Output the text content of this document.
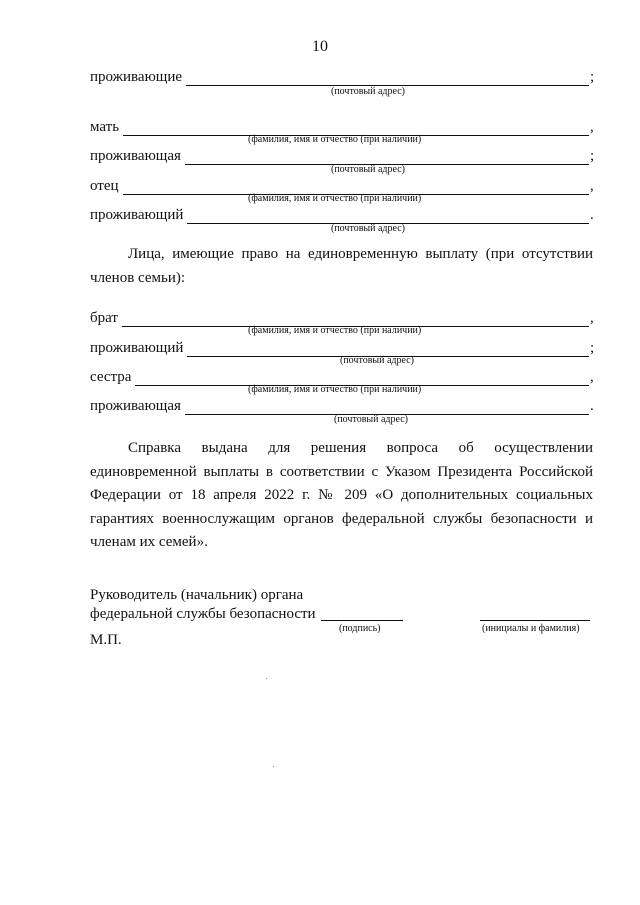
10
проживающие	;
(почтовый адрес)
мать	,
(фамилия, имя и отчество (при наличии)
проживающая	;
(почтовый адрес)
отец	,
(фамилия, имя и отчество (при наличии)
проживающий	.
(почтовый адрес)
Лица, имеющие право на единовременную выплату (при отсутствии членов семьи):
брат	,
(фамилия, имя и отчество (при наличии)
проживающий	;
(почтовый адрес)
сестра	,
(фамилия, имя и отчество (при наличии)
проживающая	.
(почтовый адрес)
Справка выдана для решения вопроса об осуществлении единовременной выплаты в соответствии с Указом Президента Российской Федерации от 18 апреля 2022 г. № 209 «О дополнительных социальных гарантиях военнослужащим органов федеральной службы безопасности и членам их семей».
Руководитель (начальник) органа
федеральной службы безопасности
(подпись)	(инициалы и фамилия)
М.П.
